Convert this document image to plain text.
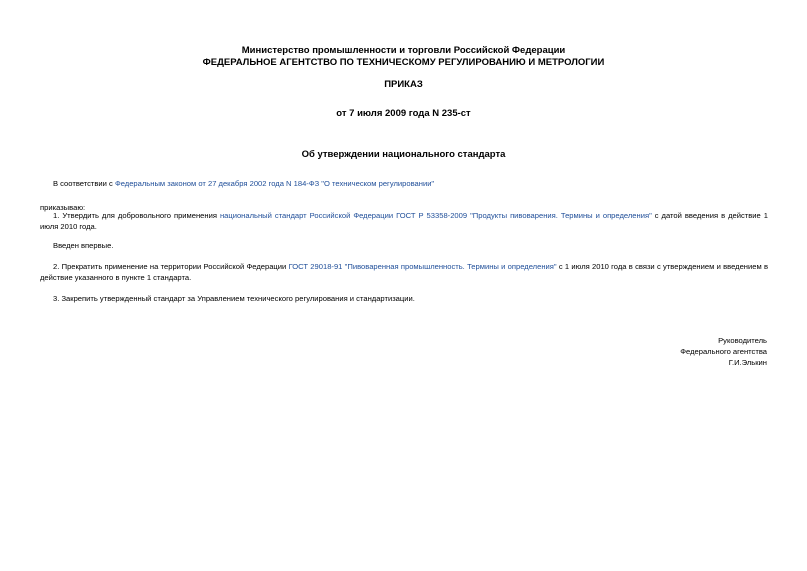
Министерство промышленности и торговли Российской Федерации
ФЕДЕРАЛЬНОЕ АГЕНТСТВО ПО ТЕХНИЧЕСКОМУ РЕГУЛИРОВАНИЮ И МЕТРОЛОГИИ
ПРИКАЗ
от 7 июля 2009 года N 235-ст
Об утверждении национального стандарта
В соответствии с Федеральным законом от 27 декабря 2002 года N 184-ФЗ "О техническом регулировании"
приказываю:
1. Утвердить для добровольного применения национальный стандарт Российской Федерации ГОСТ Р 53358-2009 "Продукты пивоварения. Термины и определения" с датой введения в действие 1 июля 2010 года.
Введен впервые.
2. Прекратить применение на территории Российской Федерации ГОСТ 29018-91 "Пивоваренная промышленность. Термины и определения" с 1 июля 2010 года в связи с утверждением и введением в действие указанного в пункте 1 стандарта.
3. Закрепить утвержденный стандарт за Управлением технического регулирования и стандартизации.
Руководитель
Федерального агентства
Г.И.Элькин
